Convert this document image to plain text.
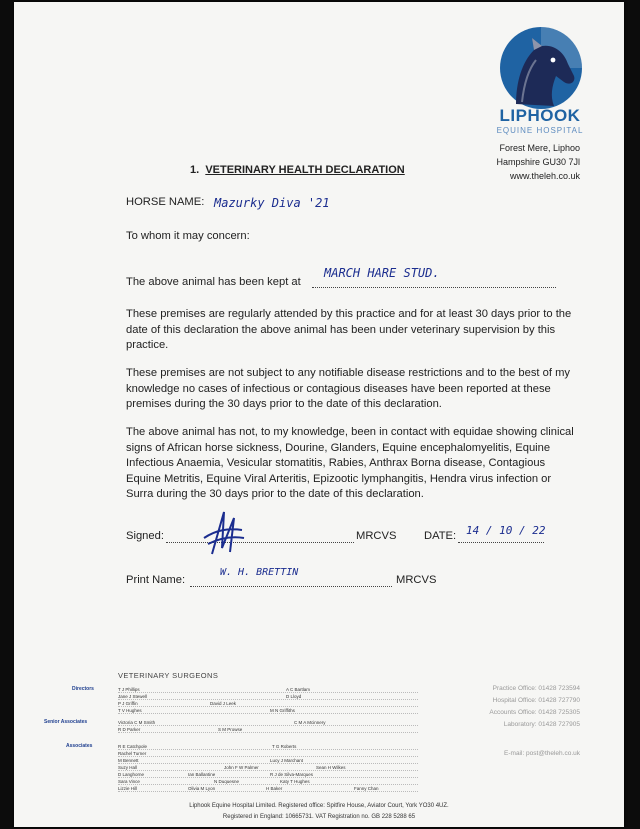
LIPHOOK
EQUINE HOSPITAL
Forest Mere, Liphoo
Hampshire GU30 7Jl
www.theleh.co.uk
1. VETERINARY HEALTH DECLARATION
HORSE NAME: Mazurky Diva '21
To whom it may concern:
The above animal has been kept at
MARCH HARE STUD.

These premises are regularly attended by this practice and for at least 30 days prior to the date of this declaration the above animal has been under veterinary supervision by this practice.

These premises are not subject to any notifiable disease restrictions and to the best of my knowledge no cases of infectious or contagious diseases have been reported at these premises during the 30 days prior to the date of this declaration.

The above animal has not, to my knowledge, been in contact with equidae showing clinical signs of African horse sickness, Dourine, Glanders, Equine encephalomyelitis, Equine Infectious Anaemia, Vesicular stomatitis, Rabies, Anthrax Borna disease, Contagious Equine Metritis, Equine Viral Arteritis, Epizootic lymphangitis, Hendra virus infection or Surra during the 30 days prior to the date of this declaration.

Signed:	MRCVS DATE: 14 / 10 / 22
Print Name:
W. H. BRETTIN
MRCVS
VETERINARY SURGEONS
Directors
Senior Associates
Associates
T J Phillips	A C Bartlam
Jane J Stewell	D Lloyd
P J Griffin	David J Leek
T V Hughes	M N Griffiths
Victoria C M Smith	C M A Mcinnery
R D Parker	S M Prowse
R E Catchpole	T G Roberts
Rachel Turner
M Bennett	Lucy J Marchant
Suzy Hall	John F W Palmer	Sean H Wilkes
D Langhorne	Ian Ballantine	R J de Silva-Marques
Sara Vince	N Duquesne	Katy T Hughes
Lizzie Hill	Olivia M Lyon	H Baker	Fanny Chan
Practice Office: 01428 723594
Hospital Office: 01428 727790
Accounts Office: 01428 725305
Laboratory: 01428 727905
E-mail: post@theleh.co.uk
Liphook Equine Hospital Limited. Registered office: Spitfire House, Aviator Court, York YO30 4UZ.
Registered in England: 10665731. VAT Registration no. GB 228 5288 65
